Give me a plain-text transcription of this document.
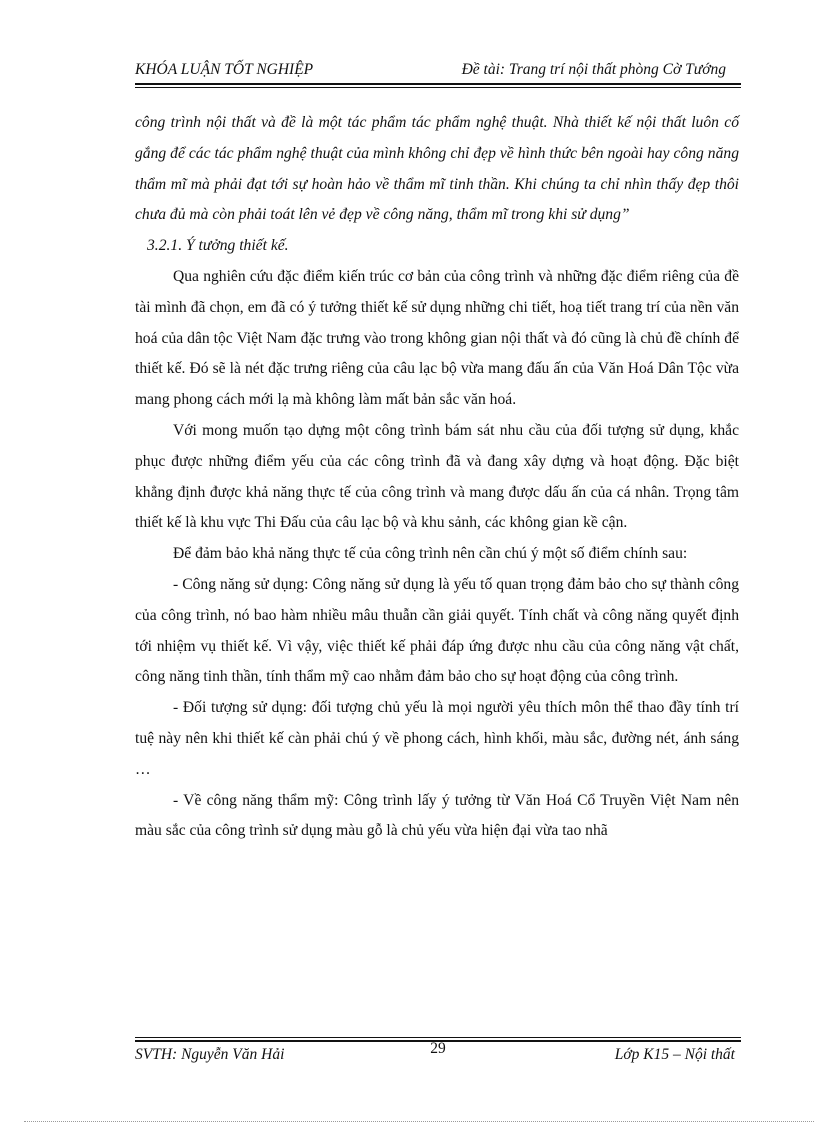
KHÓA LUẬN TỐT NGHIỆP	Đề tài: Trang trí nội thất phòng Cờ Tướng

công trình nội thất và đề là một tác phẩm tác phẩm nghệ thuật. Nhà thiết kế nội thất luôn cố gắng để các tác phẩm nghệ thuật của mình không chỉ đẹp về hình thức bên ngoài hay công năng thẩm mĩ mà phải đạt tới sự hoàn hảo về thẩm mĩ tinh thần. Khi chúng ta chỉ nhìn thấy đẹp thôi chưa đủ mà còn phải toát lên vẻ đẹp về công năng, thẩm mĩ trong khi sử dụng”

3.2.1. Ý tưởng thiết kế.

Qua nghiên cứu đặc điểm kiến trúc cơ bản của công trình và những đặc điểm riêng của đề tài mình đã chọn, em đã có ý tưởng thiết kế sử dụng những chi tiết, hoạ tiết trang trí của nền văn hoá của dân tộc Việt Nam đặc trưng vào trong không gian nội thất và đó cũng là chủ đề chính để thiết kế. Đó sẽ là nét đặc trưng riêng của câu lạc bộ vừa mang đấu ấn của Văn Hoá Dân Tộc vừa mang phong cách mới lạ mà không làm mất bản sắc văn hoá.

Với mong muốn tạo dựng một công trình bám sát nhu cầu của đối tượng sử dụng, khắc phục được những điểm yếu của các công trình đã và đang xây dựng và hoạt động. Đặc biệt khẳng định được khả năng thực tế của công trình và mang được dấu ấn của cá nhân. Trọng tâm thiết kế là khu vực Thi Đấu của câu lạc bộ và khu sảnh, các không gian kề cận.

Để đảm bảo khả năng thực tế của công trình nên cần chú ý một số điểm chính sau:

- Công năng sử dụng: Công năng sử dụng là yếu tố quan trọng đảm bảo cho sự thành công của công trình, nó bao hàm nhiều mâu thuẫn cần giải quyết. Tính chất và công năng quyết định tới nhiệm vụ thiết kế. Vì vậy, việc thiết kế phải đáp ứng được nhu cầu của công năng vật chất, công năng tinh thần, tính thẩm mỹ cao nhằm đảm bảo cho sự hoạt động của công trình.

- Đối tượng sử dụng: đối tượng chủ yếu là mọi người yêu thích môn thể thao đầy tính trí tuệ này nên khi thiết kế càn phải chú ý về phong cách, hình khối, màu sắc, đường nét, ánh sáng …

- Về công năng thẩm mỹ: Công trình lấy ý tưởng từ Văn Hoá Cổ Truyền Việt Nam nên màu sắc của công trình sử dụng màu gỗ là chủ yếu vừa hiện đại vừa tao nhã

SVTH: Nguyễn Văn Hải	29	Lớp K15 – Nội thất
